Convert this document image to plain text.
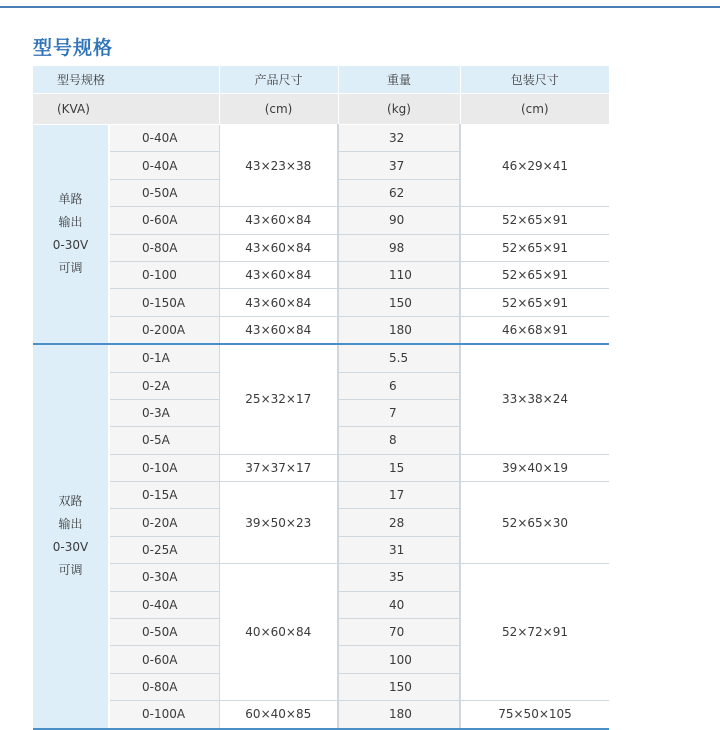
型号规格
型号规格		产品尺寸	重量	包装尺寸
(KVA)		(cm)	(kg)	(cm)

单路
输出
0-30V
可调	0-40A	43×23×38	32	46×29×41
	0-40A		37	
	0-50A		62	
	0-60A	43×60×84	90	52×65×91
	0-80A	43×60×84	98	52×65×91
	0-100	43×60×84	110	52×65×91
	0-150A	43×60×84	150	52×65×91
	0-200A	43×60×84	180	46×68×91

双路
输出
0-30V
可调	0-1A	25×32×17	5.5	33×38×24
	0-2A		6	
	0-3A		7	
	0-5A		8	
	0-10A	37×37×17	15	39×40×19
	0-15A	39×50×23	17	52×65×30
	0-20A		28	
	0-25A		31	
	0-30A	40×60×84	35	52×72×91
	0-40A		40	
	0-50A		70	
	0-60A		100	
	0-80A		150	
	0-100A	60×40×85	180	75×50×105
